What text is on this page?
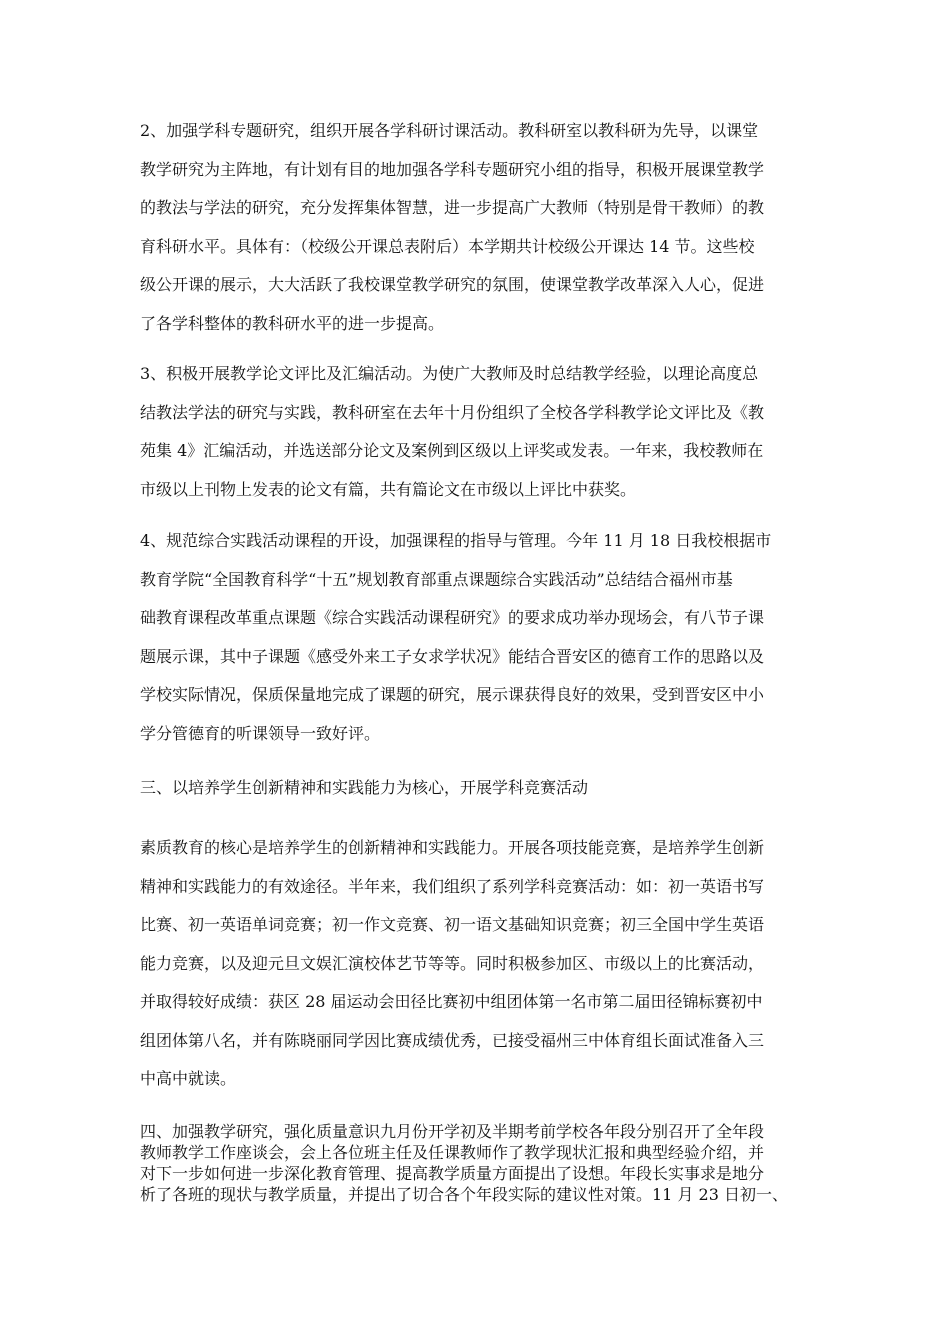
2、加强学科专题研究，组织开展各学科研讨课活动。教科研室以教科研为先导，以课堂
教学研究为主阵地，有计划有目的地加强各学科专题研究小组的指导，积极开展课堂教学
的教法与学法的研究，充分发挥集体智慧，进一步提高广大教师（特别是骨干教师）的教
育科研水平。具体有：（校级公开课总表附后）本学期共计校级公开课达 14 节。这些校
级公开课的展示，大大活跃了我校课堂教学研究的氛围，使课堂教学改革深入人心，促进
了各学科整体的教科研水平的进一步提高。

3、积极开展教学论文评比及汇编活动。为使广大教师及时总结教学经验，以理论高度总
结教法学法的研究与实践，教科研室在去年十月份组织了全校各学科教学论文评比及《教
苑集 4》汇编活动，并选送部分论文及案例到区级以上评奖或发表。一年来，我校教师在
市级以上刊物上发表的论文有篇，共有篇论文在市级以上评比中获奖。

4、规范综合实践活动课程的开设，加强课程的指导与管理。今年 11 月 18 日我校根据市
教育学院“全国教育科学“十五”规划教育部重点课题综合实践活动”总结结合福州市基
础教育课程改革重点课题《综合实践活动课程研究》的要求成功举办现场会，有八节子课
题展示课，其中子课题《感受外来工子女求学状况》能结合晋安区的德育工作的思路以及
学校实际情况，保质保量地完成了课题的研究，展示课获得良好的效果，受到晋安区中小
学分管德育的听课领导一致好评。

三、以培养学生创新精神和实践能力为核心，开展学科竞赛活动

素质教育的核心是培养学生的创新精神和实践能力。开展各项技能竞赛，是培养学生创新
精神和实践能力的有效途径。半年来，我们组织了系列学科竞赛活动：如：初一英语书写
比赛、初一英语单词竞赛；初一作文竞赛、初一语文基础知识竞赛；初三全国中学生英语
能力竞赛，以及迎元旦文娱汇演校体艺节等等。同时积极参加区、市级以上的比赛活动，
并取得较好成绩：获区 28 届运动会田径比赛初中组团体第一名市第二届田径锦标赛初中
组团体第八名，并有陈晓丽同学因比赛成绩优秀，已接受福州三中体育组长面试准备入三
中高中就读。

四、加强教学研究，强化质量意识九月份开学初及半期考前学校各年段分别召开了全年段
教师教学工作座谈会，会上各位班主任及任课教师作了教学现状汇报和典型经验介绍，并
对下一步如何进一步深化教育管理、提高教学质量方面提出了设想。年段长实事求是地分
析了各班的现状与教学质量，并提出了切合各个年段实际的建议性对策。11 月 23 日初一、
